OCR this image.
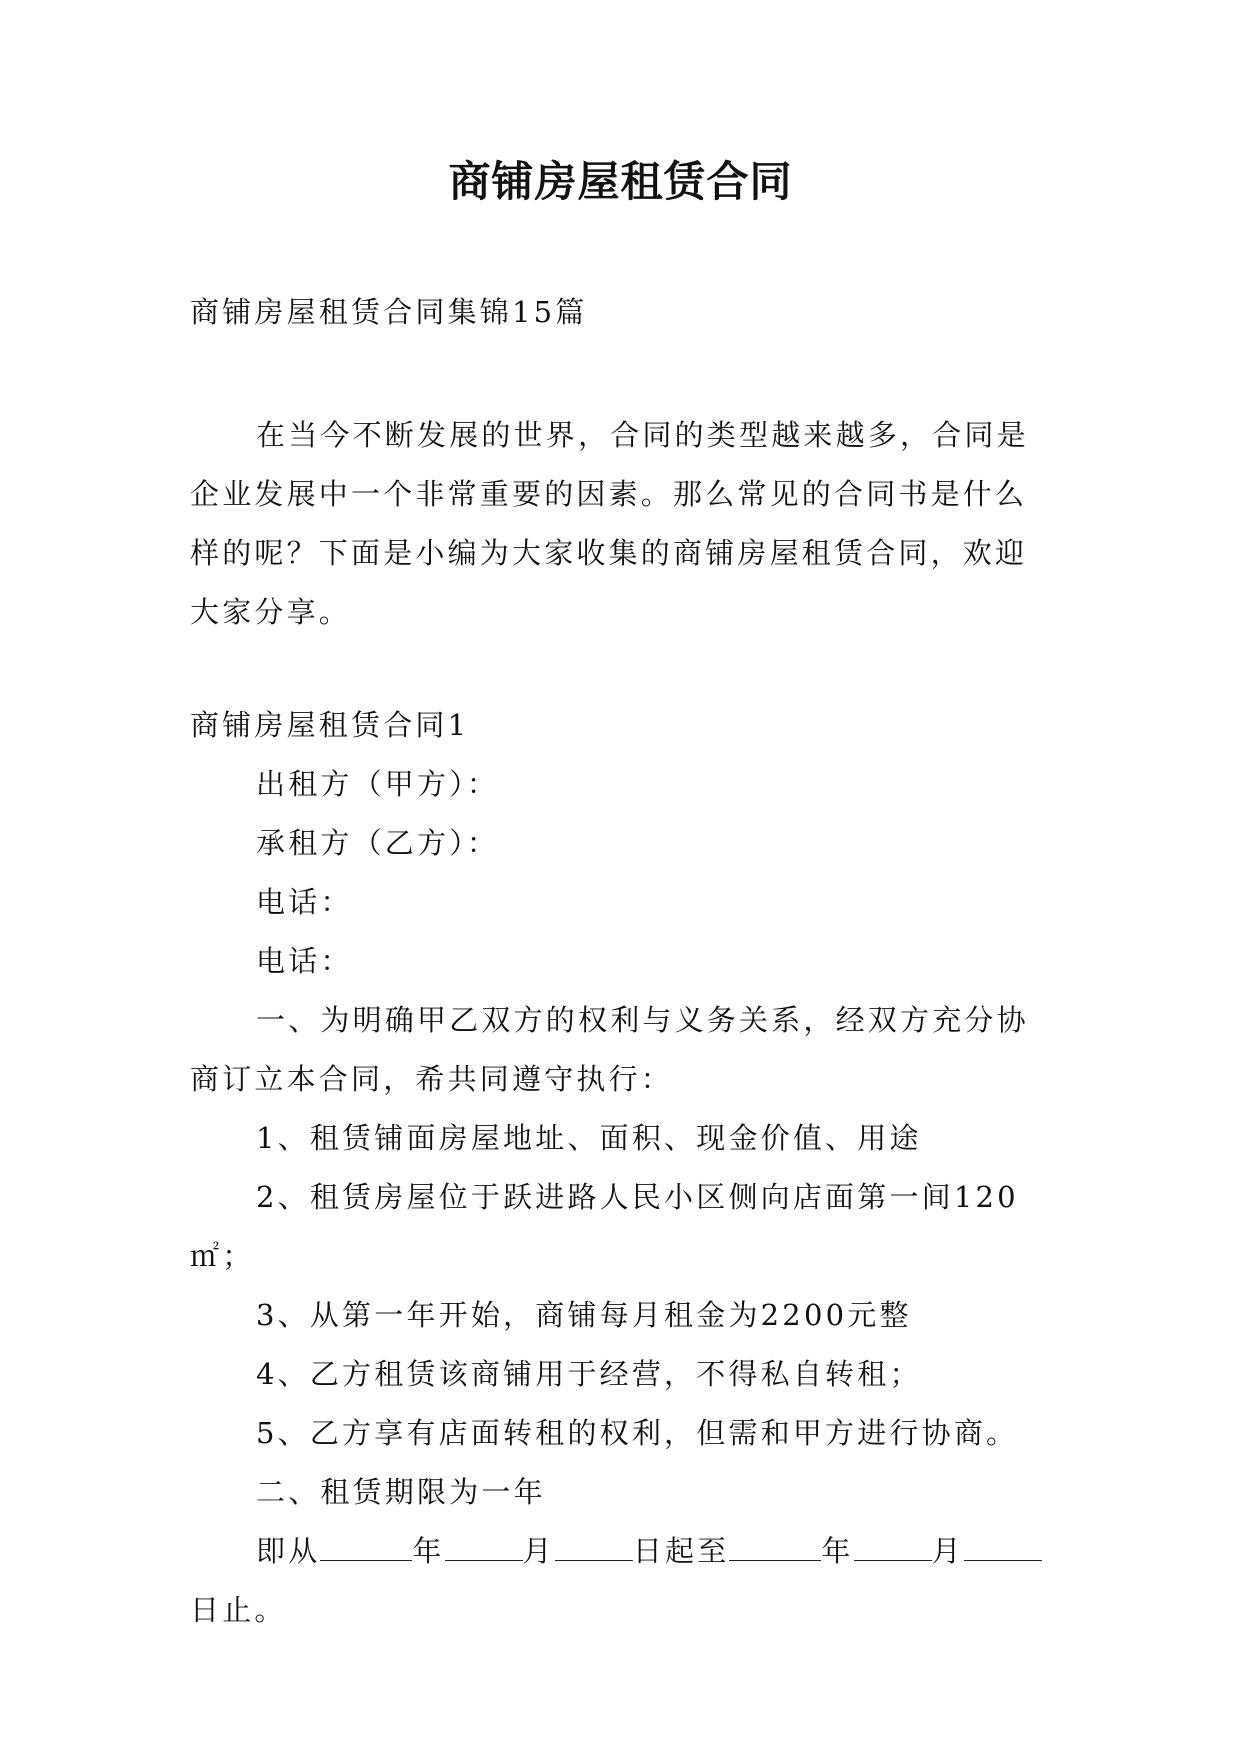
商铺房屋租赁合同
商铺房屋租赁合同集锦15篇
在当今不断发展的世界，合同的类型越来越多，合同是企业发展中一个非常重要的因素。那么常见的合同书是什么样的呢？下面是小编为大家收集的商铺房屋租赁合同，欢迎大家分享。
商铺房屋租赁合同1
出租方（甲方）：
承租方（乙方）：
电话：
电话：
一、为明确甲乙双方的权利与义务关系，经双方充分协商订立本合同，希共同遵守执行：
1、租赁铺面房屋地址、面积、现金价值、用途
2、租赁房屋位于跃进路人民小区侧向店面第一间120㎡；
3、从第一年开始，商铺每月租金为2200元整
4、乙方租赁该商铺用于经营，不得私自转租；
5、乙方享有店面转租的权利，但需和甲方进行协商。
二、租赁期限为一年
即从	年	月	日起至	年	月日止。
